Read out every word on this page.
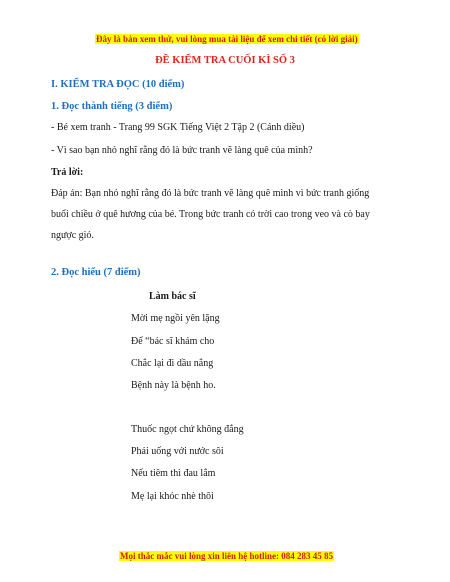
Đây là bản xem thử, vui lòng mua tài liệu để xem chi tiết (có lời giải)
ĐỀ KIỂM TRA CUỐI KÌ SỐ 3
I. KIỂM TRA ĐỌC (10 điểm)
1. Đọc thành tiếng (3 điểm)
- Bé xem tranh - Trang 99 SGK Tiếng Việt 2 Tập 2 (Cánh diều)
- Vì sao bạn nhỏ nghĩ rằng đó là bức tranh vẽ làng quê của mình?
Trả lời:
Đáp án: Bạn nhỏ nghĩ rằng đó là bức tranh vẽ làng quê mình vì bức tranh giống buổi chiều ở quê hương của bé. Trong bức tranh có trời cao trong veo và cò bay ngược gió.
2. Đọc hiểu (7 điểm)
Làm bác sĩ
Mời mẹ ngồi yên lặng
Để “bác sĩ khám cho
Chắc lại đi dầu nắng
Bệnh này là bệnh ho.
Thuốc ngọt chứ không đắng
Phải uống với nước sôi
Nếu tiêm thì đau lắm
Mẹ lại khóc nhè thôi
Mọi thắc mắc vui lòng xin liên hệ hotline: 084 283 45 85
